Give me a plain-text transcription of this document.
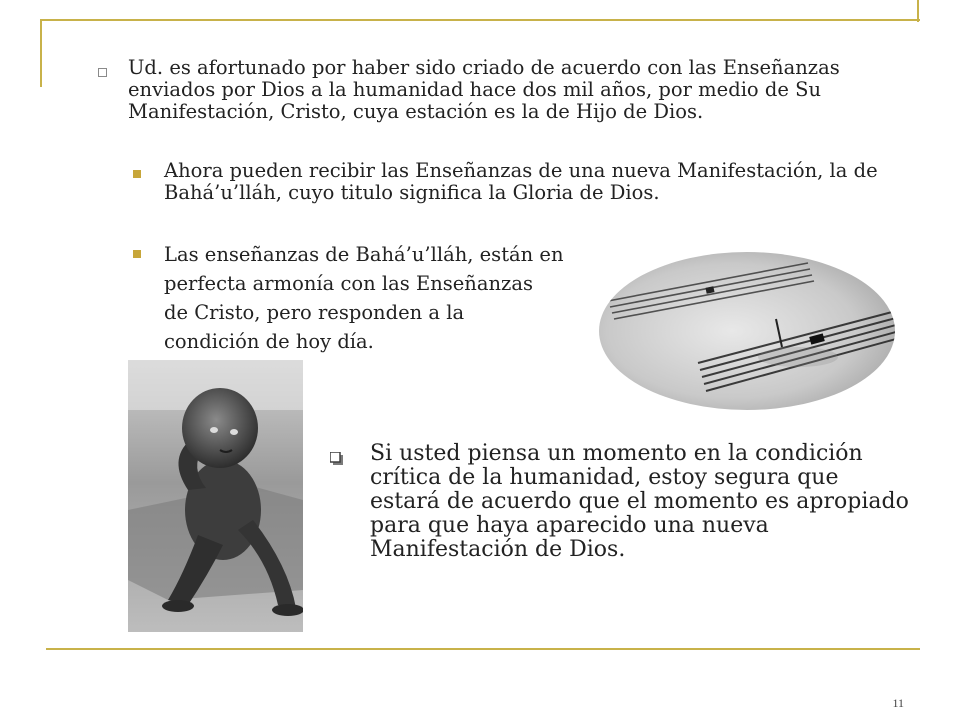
Ud. es afortunado por haber sido criado de acuerdo con las Enseñanzas enviados por Dios a la humanidad hace dos mil años, por medio de Su Manifestación, Cristo, cuya estación es la de Hijo de Dios.

Ahora pueden recibir las Enseñanzas de una nueva Manifestación, la de Bahá’u’lláh, cuyo titulo significa la Gloria de Dios.

Las enseñanzas de Bahá’u’lláh, están en
perfecta armonía con las Enseñanzas
de Cristo, pero responden a la
condición de hoy día.

Si usted piensa un momento en la condición crítica de la humanidad, estoy segura que estará de acuerdo que el momento es apropiado para que haya aparecido una nueva Manifestación de Dios.

11
